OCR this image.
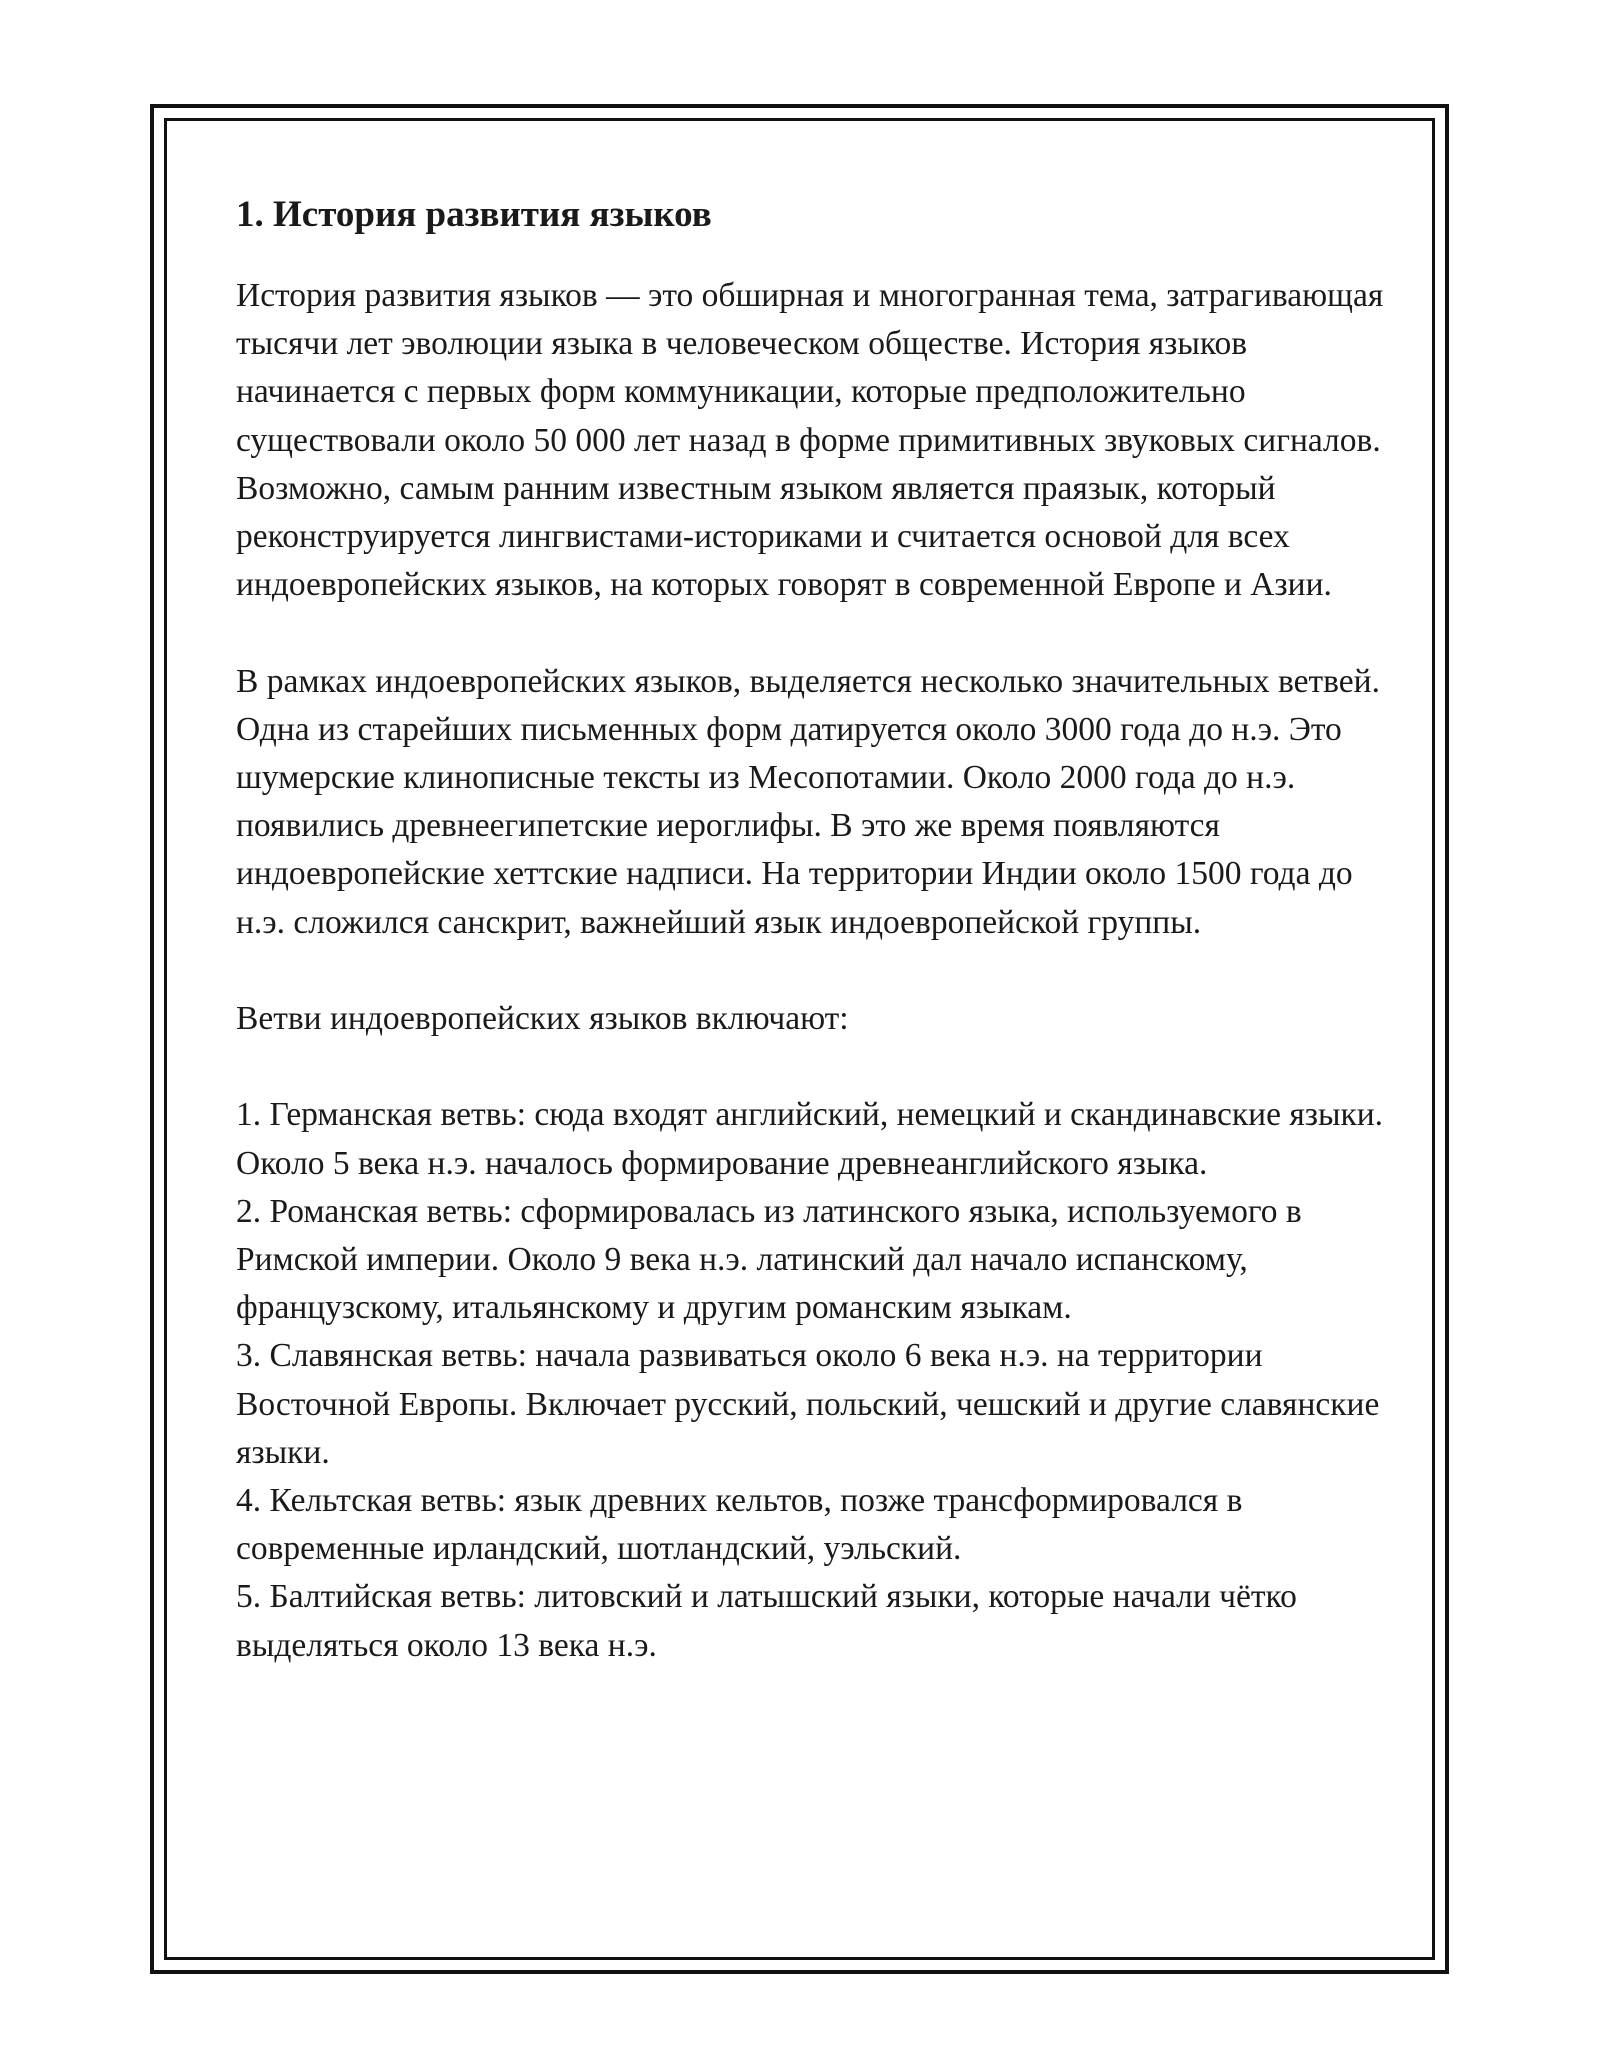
1. История развития языков

История развития языков — это обширная и многогранная тема, затрагивающая тысячи лет эволюции языка в человеческом обществе. История языков начинается с первых форм коммуникации, которые предположительно существовали около 50 000 лет назад в форме примитивных звуковых сигналов. Возможно, самым ранним известным языком является праязык, который реконструируется лингвистами-историками и считается основой для всех индоевропейских языков, на которых говорят в современной Европе и Азии.

В рамках индоевропейских языков, выделяется несколько значительных ветвей. Одна из старейших письменных форм датируется около 3000 года до н.э. Это шумерские клинописные тексты из Месопотамии. Около 2000 года до н.э. появились древнеегипетские иероглифы. В это же время появляются индоевропейские хеттские надписи. На территории Индии около 1500 года до н.э. сложился санскрит, важнейший язык индоевропейской группы.

Ветви индоевропейских языков включают:

1. Германская ветвь: сюда входят английский, немецкий и скандинавские языки. Около 5 века н.э. началось формирование древнеанглийского языка.
2. Романская ветвь: сформировалась из латинского языка, используемого в Римской империи. Около 9 века н.э. латинский дал начало испанскому, французскому, итальянскому и другим романским языкам.
3. Славянская ветвь: начала развиваться около 6 века н.э. на территории Восточной Европы. Включает русский, польский, чешский и другие славянские языки.
4. Кельтская ветвь: язык древних кельтов, позже трансформировался в современные ирландский, шотландский, уэльский.
5. Балтийская ветвь: литовский и латышский языки, которые начали чётко выделяться около 13 века н.э.
